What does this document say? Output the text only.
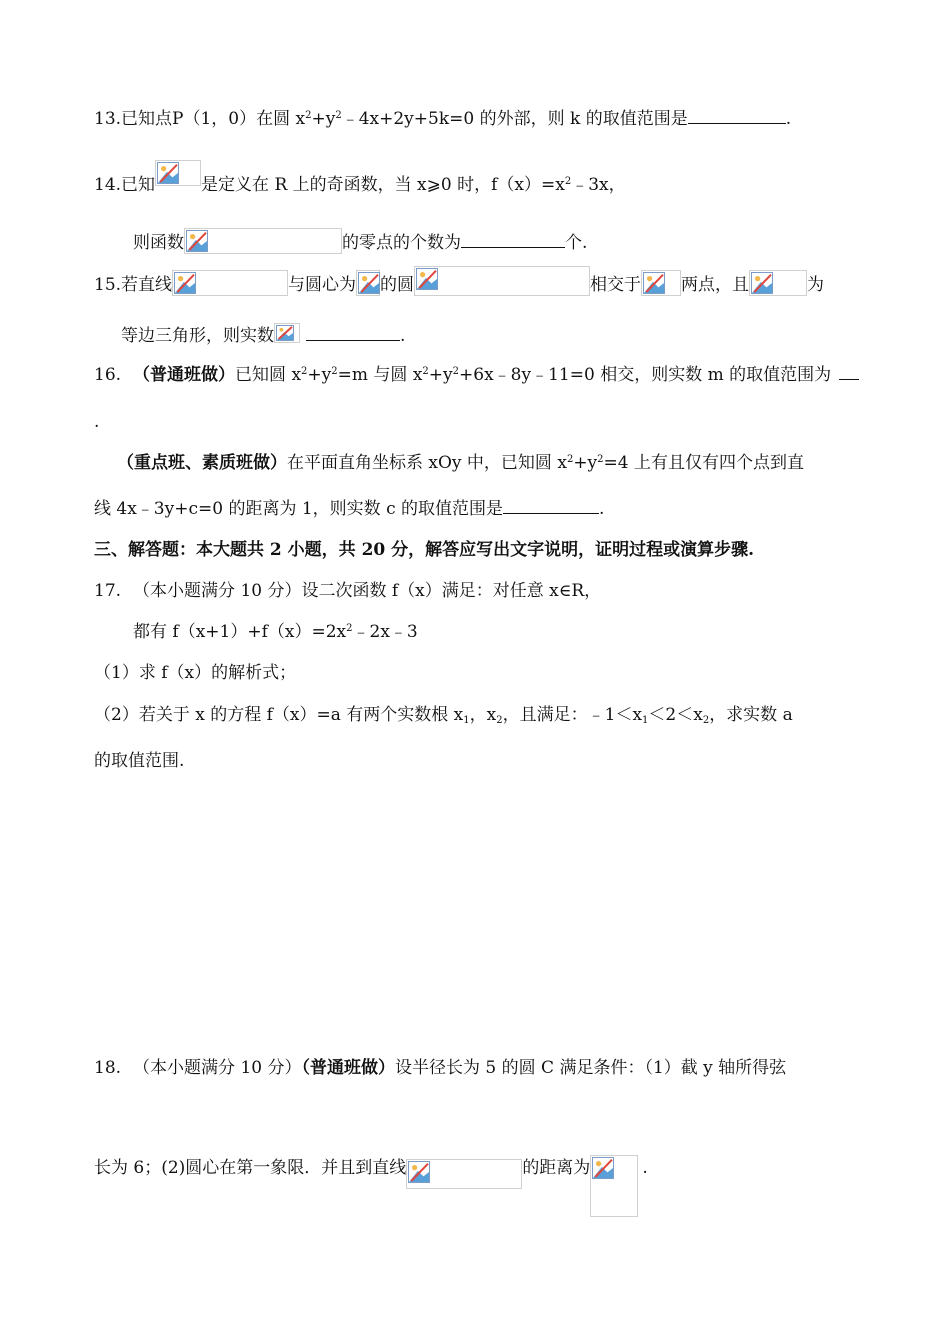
13.已知点P（1，0）在圆 $x^2+y^2﹣4x+2y+5k=0$ 的外部，则 k 的取值范围是	.
14.已知	是定义在 R 上的奇函数，当 x⩾0 时，$f(x)=x^2﹣3x$，
则函数	的零点的个数为	个.
15.若直线	与圆心为 的圆	相交于 两点，且	为
等边三角形，则实数	.
16. （普通班做）已知圆 $x^2+y^2=m$ 与圆 $x^2+y^2+6x﹣8y﹣11=0$ 相交，则实数 m 的取值范围为
.
（重点班、素质班做）在平面直角坐标系 xOy 中，已知圆 $x^2+y^2=4$ 上有且仅有四个点到直
线 4x﹣3y+c=0 的距离为 1，则实数 c 的取值范围是	.
三、解答题：本大题共 2 小题，共 20 分，解答应写出文字说明，证明过程或演算步骤.
17. （本小题满分 10 分）设二次函数 f（x）满足：对任意 x∈R，
都有 $f(x+1)+f(x)=2x^2﹣2x﹣3$
（1）求 f（x）的解析式；
（2）若关于 x 的方程 f（x）=a 有两个实数根 $x_1$，$x_2$，且满足：$﹣1<x_1<2<x_2$，求实数 a
的取值范围.
18. （本小题满分 10 分）（普通班做）设半径长为 5 的圆 C 满足条件：（1）截 y 轴所得弦
长为 6；(2)圆心在第一象限．并且到直线	的距离为	.
